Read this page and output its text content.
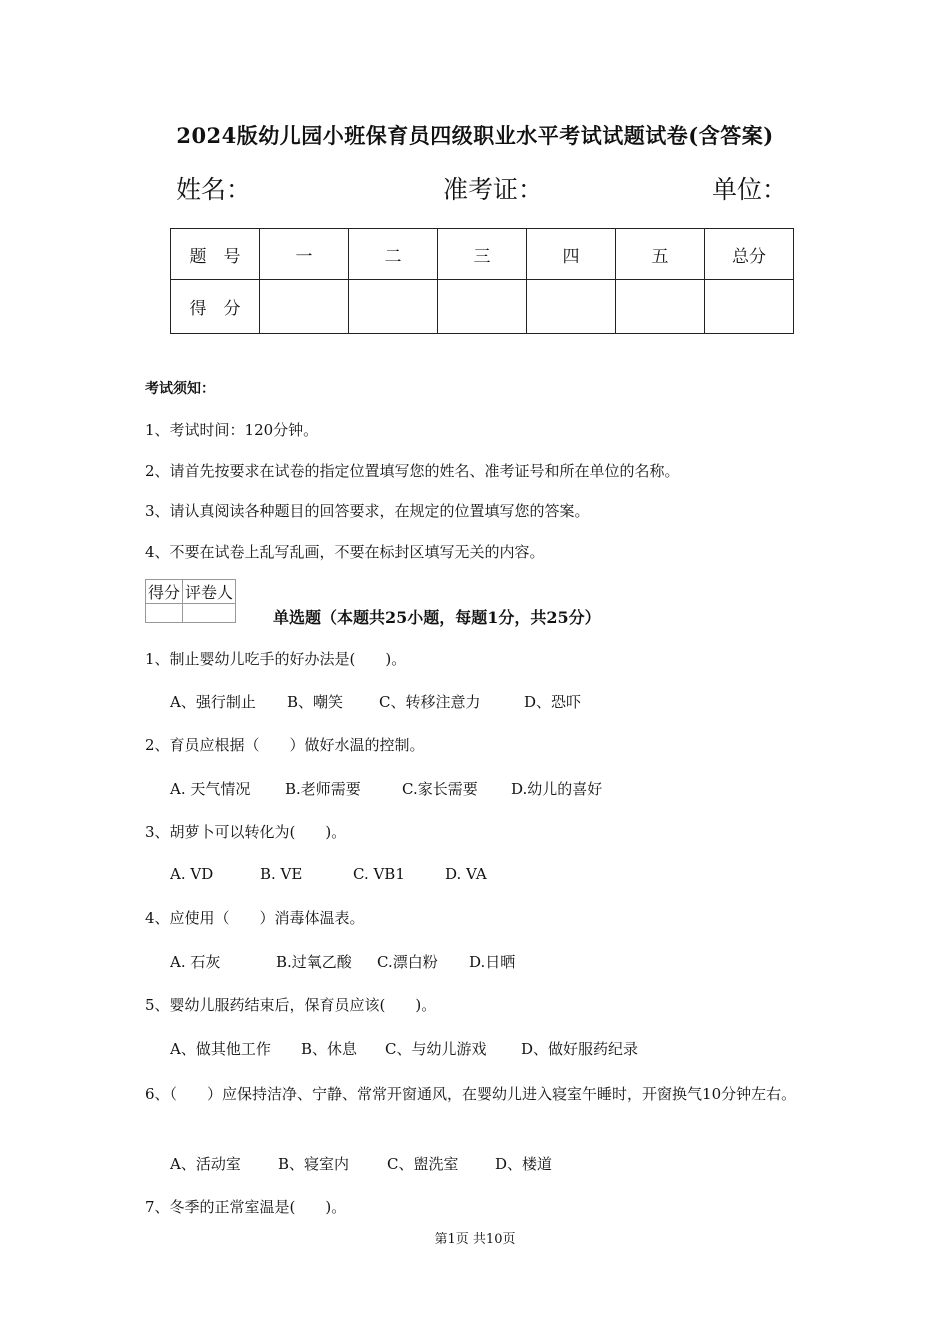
2024版幼儿园小班保育员四级职业水平考试试题试卷(含答案)
姓名：	准考证：	单位：
题　号	一	二	三	四	五	总分
得　分						
考试须知：
1、考试时间：120分钟。
2、请首先按要求在试卷的指定位置填写您的姓名、准考证号和所在单位的名称。
3、请认真阅读各种题目的回答要求，在规定的位置填写您的答案。
4、不要在试卷上乱写乱画，不要在标封区填写无关的内容。
得分	评卷人

单选题（本题共25小题，每题1分，共25分）
1、制止婴幼儿吃手的好办法是(　　)。
A、强行制止 B、嘲笑 C、转移注意力	D、恐吓
2、育员应根据（　　）做好水温的控制。
A. 天气情况 B.老师需要	C.家长需要 D.幼儿的喜好
3、胡萝卜可以转化为(　　)。
A. VD	B. VE	C. VB1	D. VA
4、应使用（　　）消毒体温表。
A. 石灰	B.过氧乙酸 C.漂白粉 D.日晒
5、婴幼儿服药结束后，保育员应该(　　)。
A、做其他工作 B、休息 C、与幼儿游戏 D、做好服药纪录
6、（　　）应保持洁净、宁静、常常开窗通风，在婴幼儿进入寝室午睡时，开窗换气10分钟左右。
A、活动室 B、寝室内	C、盥洗室 D、楼道
7、冬季的正常室温是(　　)。
第1页 共10页
